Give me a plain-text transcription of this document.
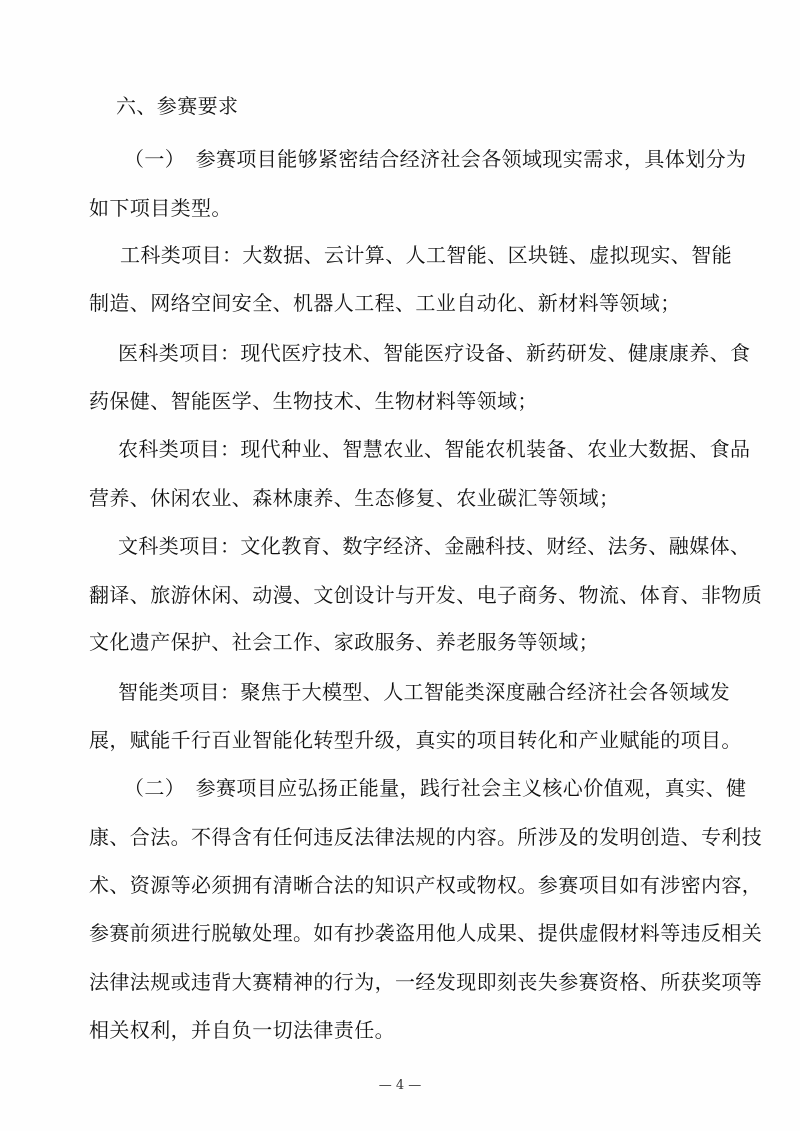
六、参赛要求
（一）　参赛项目能够紧密结合经济社会各领域现实需求，具体划分为
如下项目类型。
工科类项目：大数据、云计算、人工智能、区块链、虚拟现实、智能
制造、网络空间安全、机器人工程、工业自动化、新材料等领域；
医科类项目：现代医疗技术、智能医疗设备、新药研发、健康康养、食
药保健、智能医学、生物技术、生物材料等领域；
农科类项目：现代种业、智慧农业、智能农机装备、农业大数据、食品
营养、休闲农业、森林康养、生态修复、农业碳汇等领域；
文科类项目：文化教育、数字经济、金融科技、财经、法务、融媒体、
翻译、旅游休闲、动漫、文创设计与开发、电子商务、物流、体育、非物质
文化遗产保护、社会工作、家政服务、养老服务等领域；
智能类项目：聚焦于大模型、人工智能类深度融合经济社会各领域发
展，赋能千行百业智能化转型升级，真实的项目转化和产业赋能的项目。
（二）　参赛项目应弘扬正能量，践行社会主义核心价值观，真实、健
康、合法。不得含有任何违反法律法规的内容。所涉及的发明创造、专利技
术、资源等必须拥有清晰合法的知识产权或物权。参赛项目如有涉密内容，
参赛前须进行脱敏处理。如有抄袭盗用他人成果、提供虚假材料等违反相关
法律法规或违背大赛精神的行为，一经发现即刻丧失参赛资格、所获奖项等
相关权利，并自负一切法律责任。
— 4 —
